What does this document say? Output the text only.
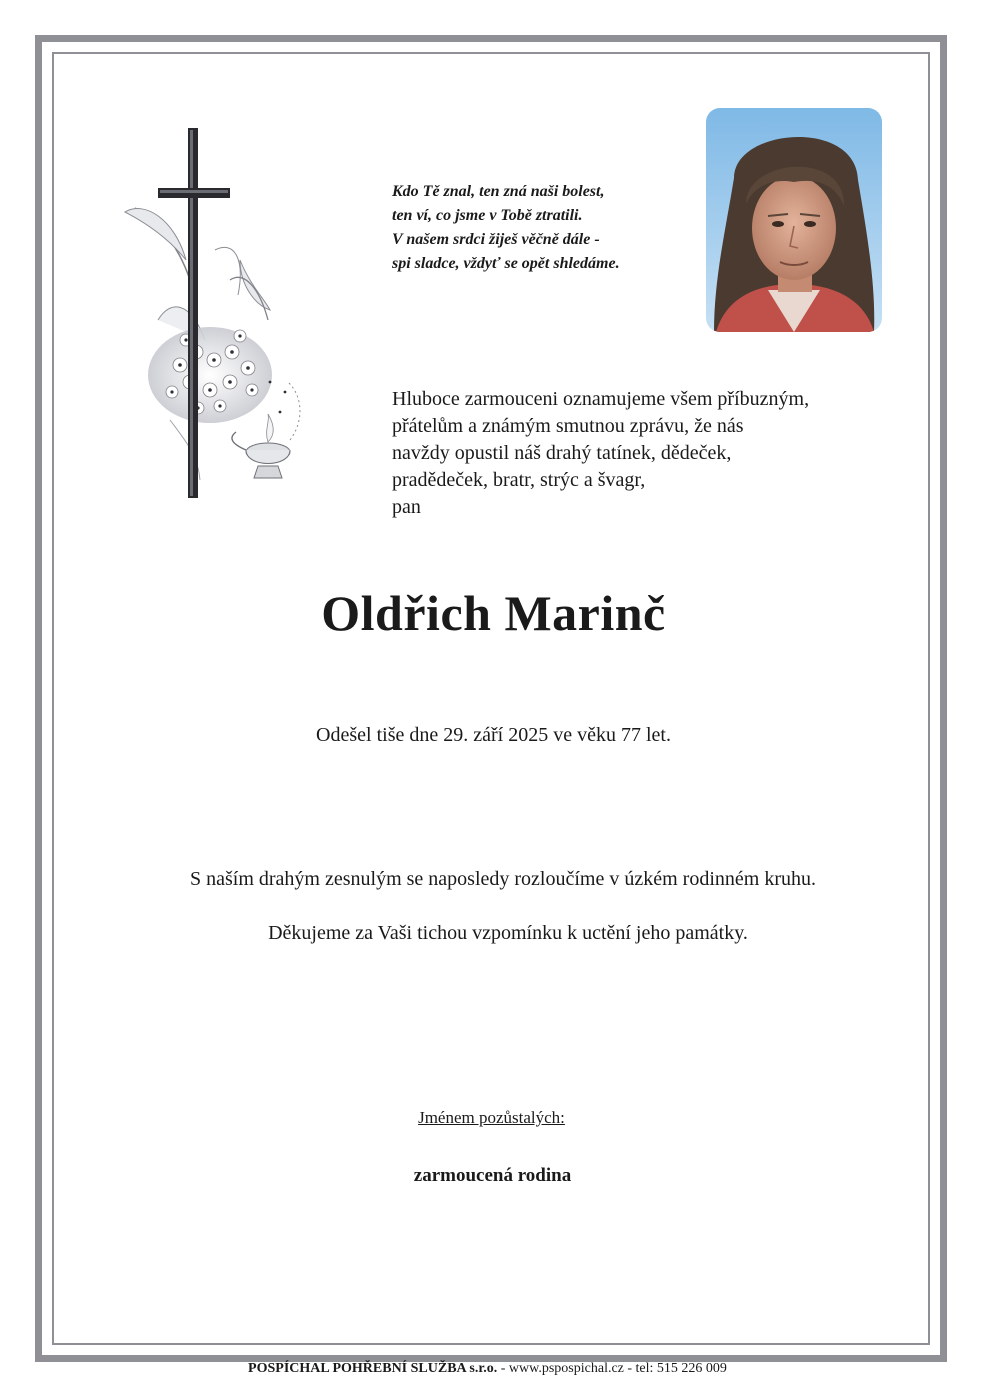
Kdo Tě znal, ten zná naši bolest,
ten ví, co jsme v Tobě ztratili.
V našem srdci žiješ věčně dále -
spi sladce, vždyť se opět shledáme.
Hluboce zarmouceni oznamujeme všem příbuzným,
přátelům a známým smutnou zprávu, že nás
navždy opustil náš drahý tatínek, dědeček,
pradědeček, bratr, strýc a švagr,
pan
Oldřich Marinč
Odešel tiše dne 29. září 2025 ve věku 77 let.
S naším drahým zesnulým se naposledy rozloučíme v úzkém rodinném kruhu.
Děkujeme za Vaši tichou vzpomínku k uctění jeho památky.
Jménem pozůstalých:
zarmoucená rodina
POSPÍCHAL POHŘEBNÍ SLUŽBA s.r.o. - www.pspospichal.cz - tel: 515 226 009
